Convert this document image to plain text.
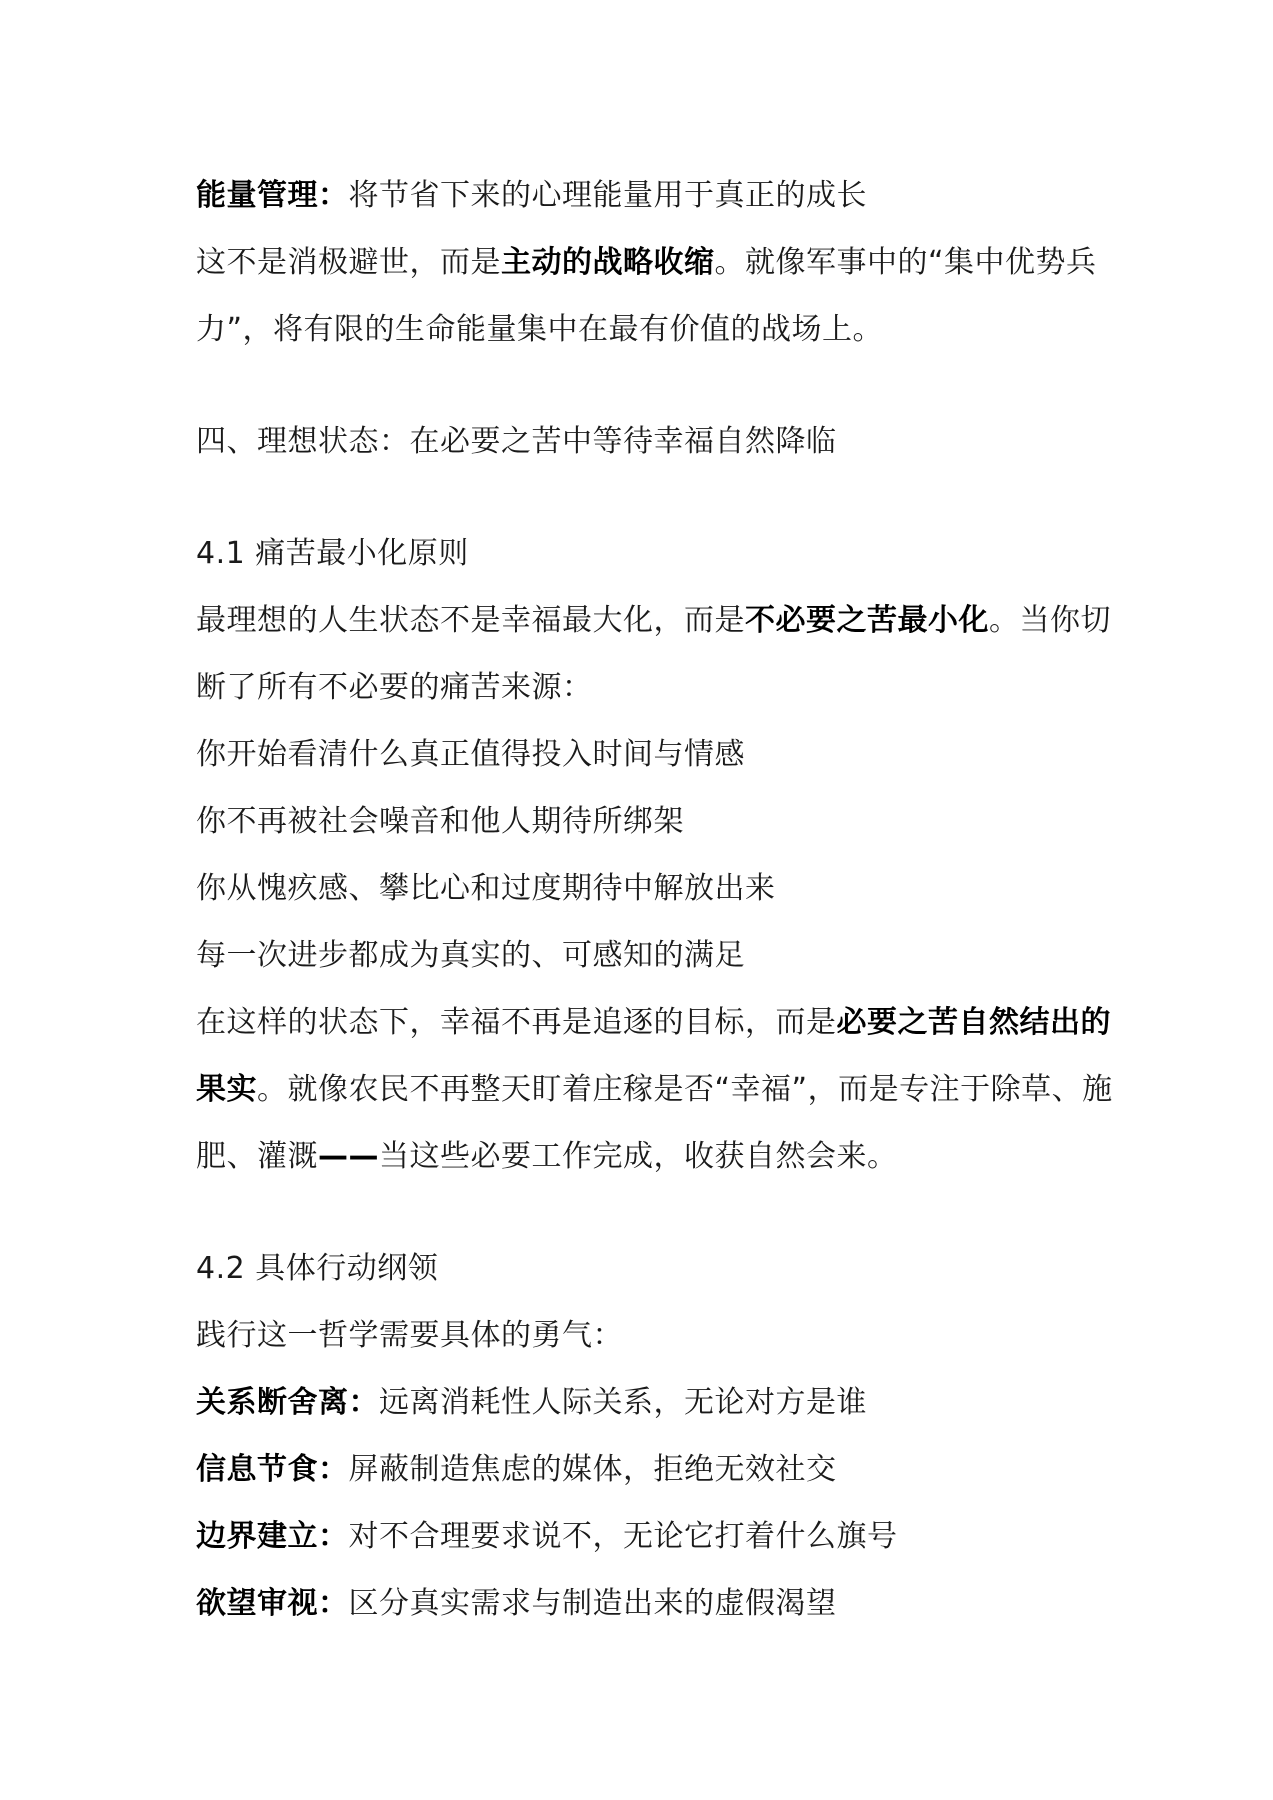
能量管理：将节省下来的心理能量用于真正的成长
这不是消极避世，而是主动的战略收缩。就像军事中的“集中优势兵
力”，将有限的生命能量集中在最有价值的战场上。
四、理想状态：在必要之苦中等待幸福自然降临
4.1 痛苦最小化原则
最理想的人生状态不是幸福最大化，而是不必要之苦最小化。当你切
断了所有不必要的痛苦来源：
你开始看清什么真正值得投入时间与情感
你不再被社会噪音和他人期待所绑架
你从愧疚感、攀比心和过度期待中解放出来
每一次进步都成为真实的、可感知的满足
在这样的状态下，幸福不再是追逐的目标，而是必要之苦自然结出的
果实。就像农民不再整天盯着庄稼是否“幸福”，而是专注于除草、施
肥、灌溉——当这些必要工作完成，收获自然会来。
4.2 具体行动纲领
践行这一哲学需要具体的勇气：
关系断舍离：远离消耗性人际关系，无论对方是谁
信息节食：屏蔽制造焦虑的媒体，拒绝无效社交
边界建立：对不合理要求说不，无论它打着什么旗号
欲望审视：区分真实需求与制造出来的虚假渴望
